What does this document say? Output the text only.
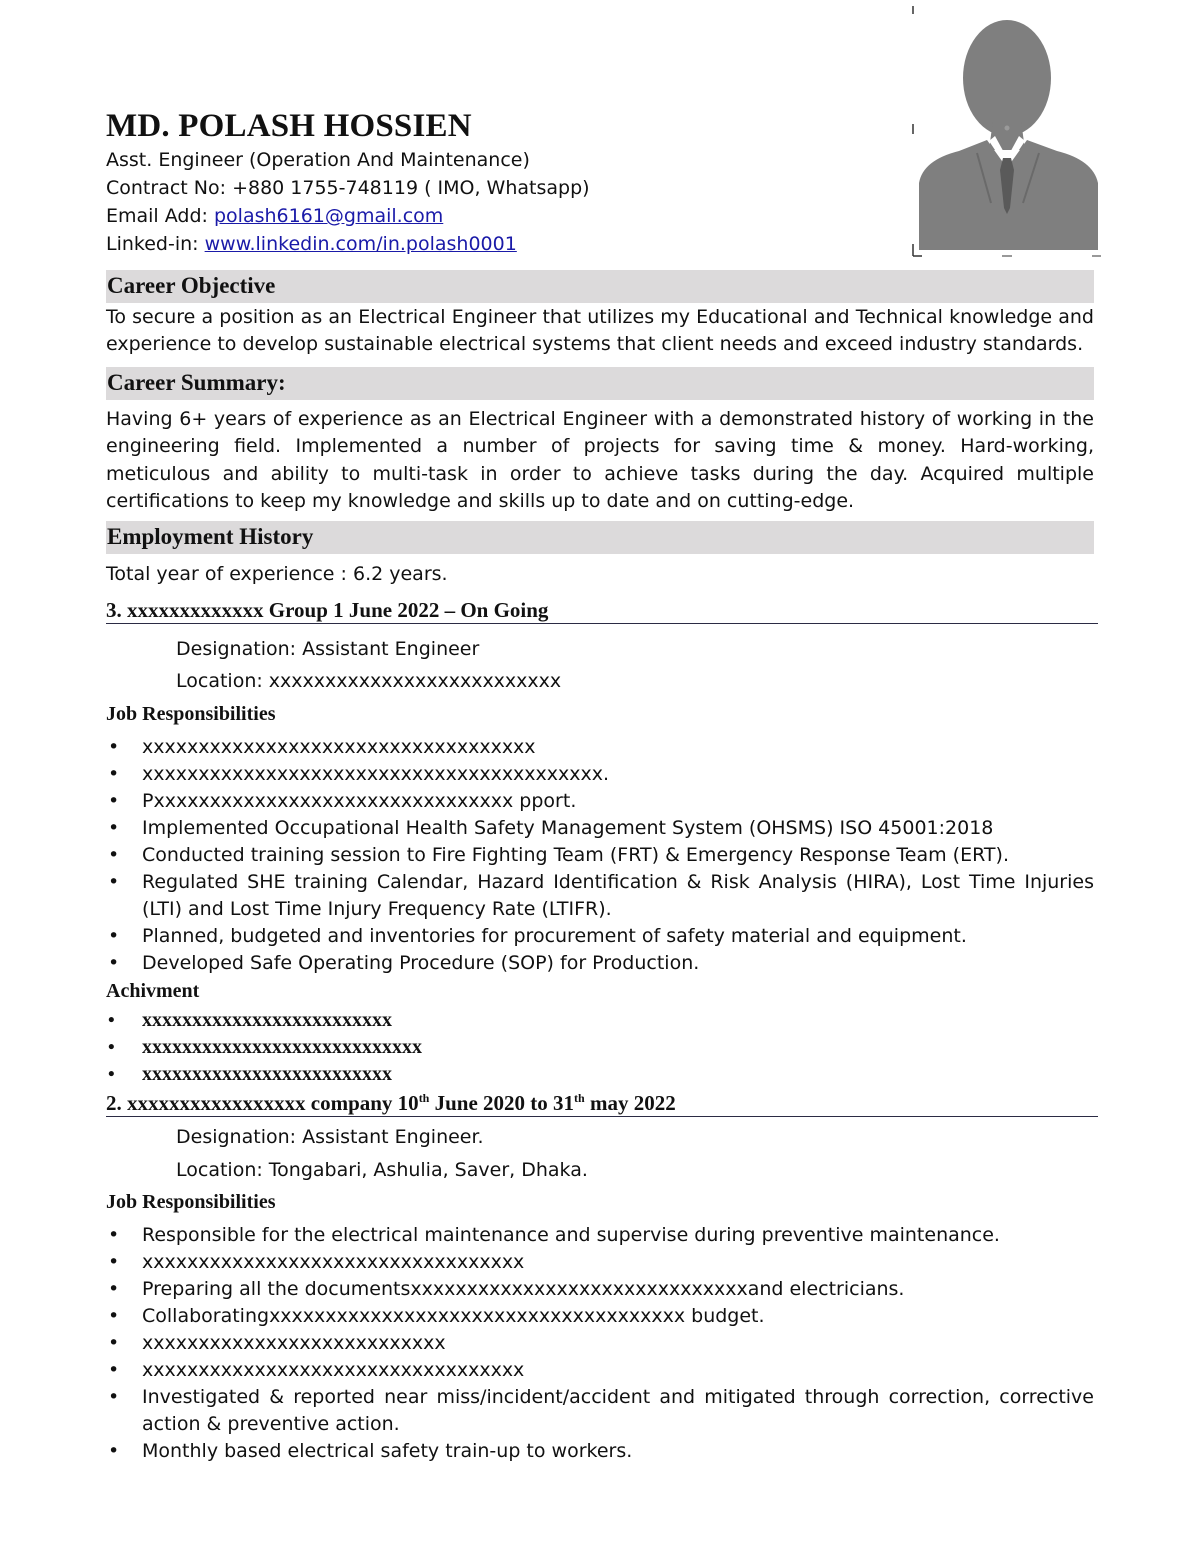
MD. POLASH HOSSIEN
Asst. Engineer (Operation And Maintenance)
Contract No: +880 1755-748119 ( IMO, Whatsapp)
Email Add: polash6161@gmail.com
Linked-in: www.linkedin.com/in.polash0001
Career Objective
To secure a position as an Electrical Engineer that utilizes my Educational and Technical knowledge and experience to develop sustainable electrical systems that client needs and exceed industry standards.
Career Summary:
Having 6+ years of experience as an Electrical Engineer with a demonstrated history of working in the engineering field. Implemented a number of projects for saving time & money. Hard-working, meticulous and ability to multi-task in order to achieve tasks during the day. Acquired multiple certifications to keep my knowledge and skills up to date and on cutting-edge.
Employment History
Total year of experience : 6.2 years.
3. xxxxxxxxxxxxx Group 1 June 2022 – On Going
Designation: Assistant Engineer
Location: xxxxxxxxxxxxxxxxxxxxxxxxxx
Job Responsibilities
• xxxxxxxxxxxxxxxxxxxxxxxxxxxxxxxxxxx
• xxxxxxxxxxxxxxxxxxxxxxxxxxxxxxxxxxxxxxxxx.
• Pxxxxxxxxxxxxxxxxxxxxxxxxxxxxxxxx pport.
• Implemented Occupational Health Safety Management System (OHSMS) ISO 45001:2018
• Conducted training session to Fire Fighting Team (FRT) & Emergency Response Team (ERT).
• Regulated SHE training Calendar, Hazard Identification & Risk Analysis (HIRA), Lost Time Injuries (LTI) and Lost Time Injury Frequency Rate (LTIFR).
• Planned, budgeted and inventories for procurement of safety material and equipment.
• Developed Safe Operating Procedure (SOP) for Production.
Achivment
• xxxxxxxxxxxxxxxxxxxxxxxxx
• xxxxxxxxxxxxxxxxxxxxxxxxxxxx
• xxxxxxxxxxxxxxxxxxxxxxxxx
2. xxxxxxxxxxxxxxxxx company 10th June 2020 to 31th may 2022
Designation: Assistant Engineer.
Location: Tongabari, Ashulia, Saver, Dhaka.
Job Responsibilities
• Responsible for the electrical maintenance and supervise during preventive maintenance.
• xxxxxxxxxxxxxxxxxxxxxxxxxxxxxxxxxx
• Preparing all the documentsxxxxxxxxxxxxxxxxxxxxxxxxxxxxxxand electricians.
• Collaboratingxxxxxxxxxxxxxxxxxxxxxxxxxxxxxxxxxxxxx budget.
• xxxxxxxxxxxxxxxxxxxxxxxxxxx
• xxxxxxxxxxxxxxxxxxxxxxxxxxxxxxxxxx
• Investigated & reported near miss/incident/accident and mitigated through correction, corrective action & preventive action.
• Monthly based electrical safety train-up to workers.
